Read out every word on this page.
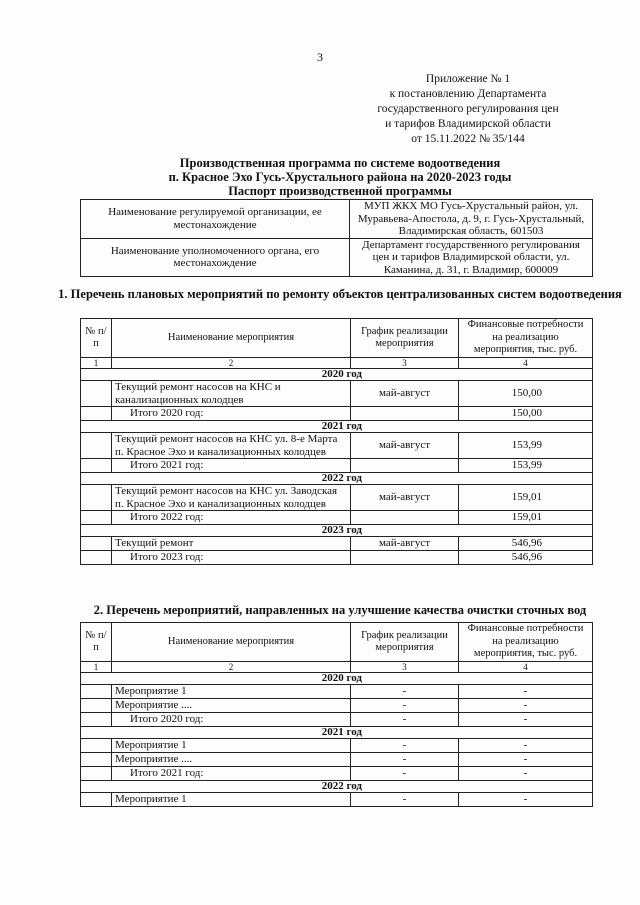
3
Приложение № 1
к постановлению Департамента
государственного регулирования цен
и тарифов Владимирской области
от 15.11.2022 № 35/144
Производственная программа по системе водоотведения
п. Красное Эхо Гусь-Хрустального района на 2020-2023 годы
Паспорт производственной программы
Наименование регулируемой организации, ее местонахождение	МУП ЖКХ МО Гусь-Хрустальный район, ул. Муравьева-Апостола, д. 9, г. Гусь-Хрустальный, Владимирская область, 601503
Наименование уполномоченного органа, его местонахождение	Департамент государственного регулирования цен и тарифов Владимирской области, ул. Каманина, д. 31, г. Владимир, 600009
1. Перечень плановых мероприятий по ремонту объектов централизованных систем водоотведения
№ п/п	Наименование мероприятия	График реализации мероприятия	Финансовые потребности на реализацию мероприятия, тыс. руб.
1	2	3	4
2020 год			
	Текущий ремонт насосов на КНС и канализационных колодцев	май-август	150,00
	Итого 2020 год:		150,00
2021 год			
	Текущий ремонт насосов на КНС ул. 8-е Марта п. Красное Эхо и канализационных колодцев	май-август	153,99
	Итого 2021 год:		153,99
2022 год			
	Текущий ремонт насосов на КНС ул. Заводская п. Красное Эхо и канализационных колодцев	май-август	159,01
	Итого 2022 год:		159,01
2023 год			
	Текущий ремонт	май-август	546,96
	Итого 2023 год:		546,96
2. Перечень мероприятий, направленных на улучшение качества очистки сточных вод
№ п/п	Наименование мероприятия	График реализации мероприятия	Финансовые потребности на реализацию мероприятия, тыс. руб.
1	2	3	4
2020 год			
	Мероприятие 1	-	-
	Мероприятие ....	-	-
	Итого 2020 год:	-	-
2021 год			
	Мероприятие 1	-	-
	Мероприятие ....	-	-
	Итого 2021 год:	-	-
2022 год			
	Мероприятие 1	-	-
